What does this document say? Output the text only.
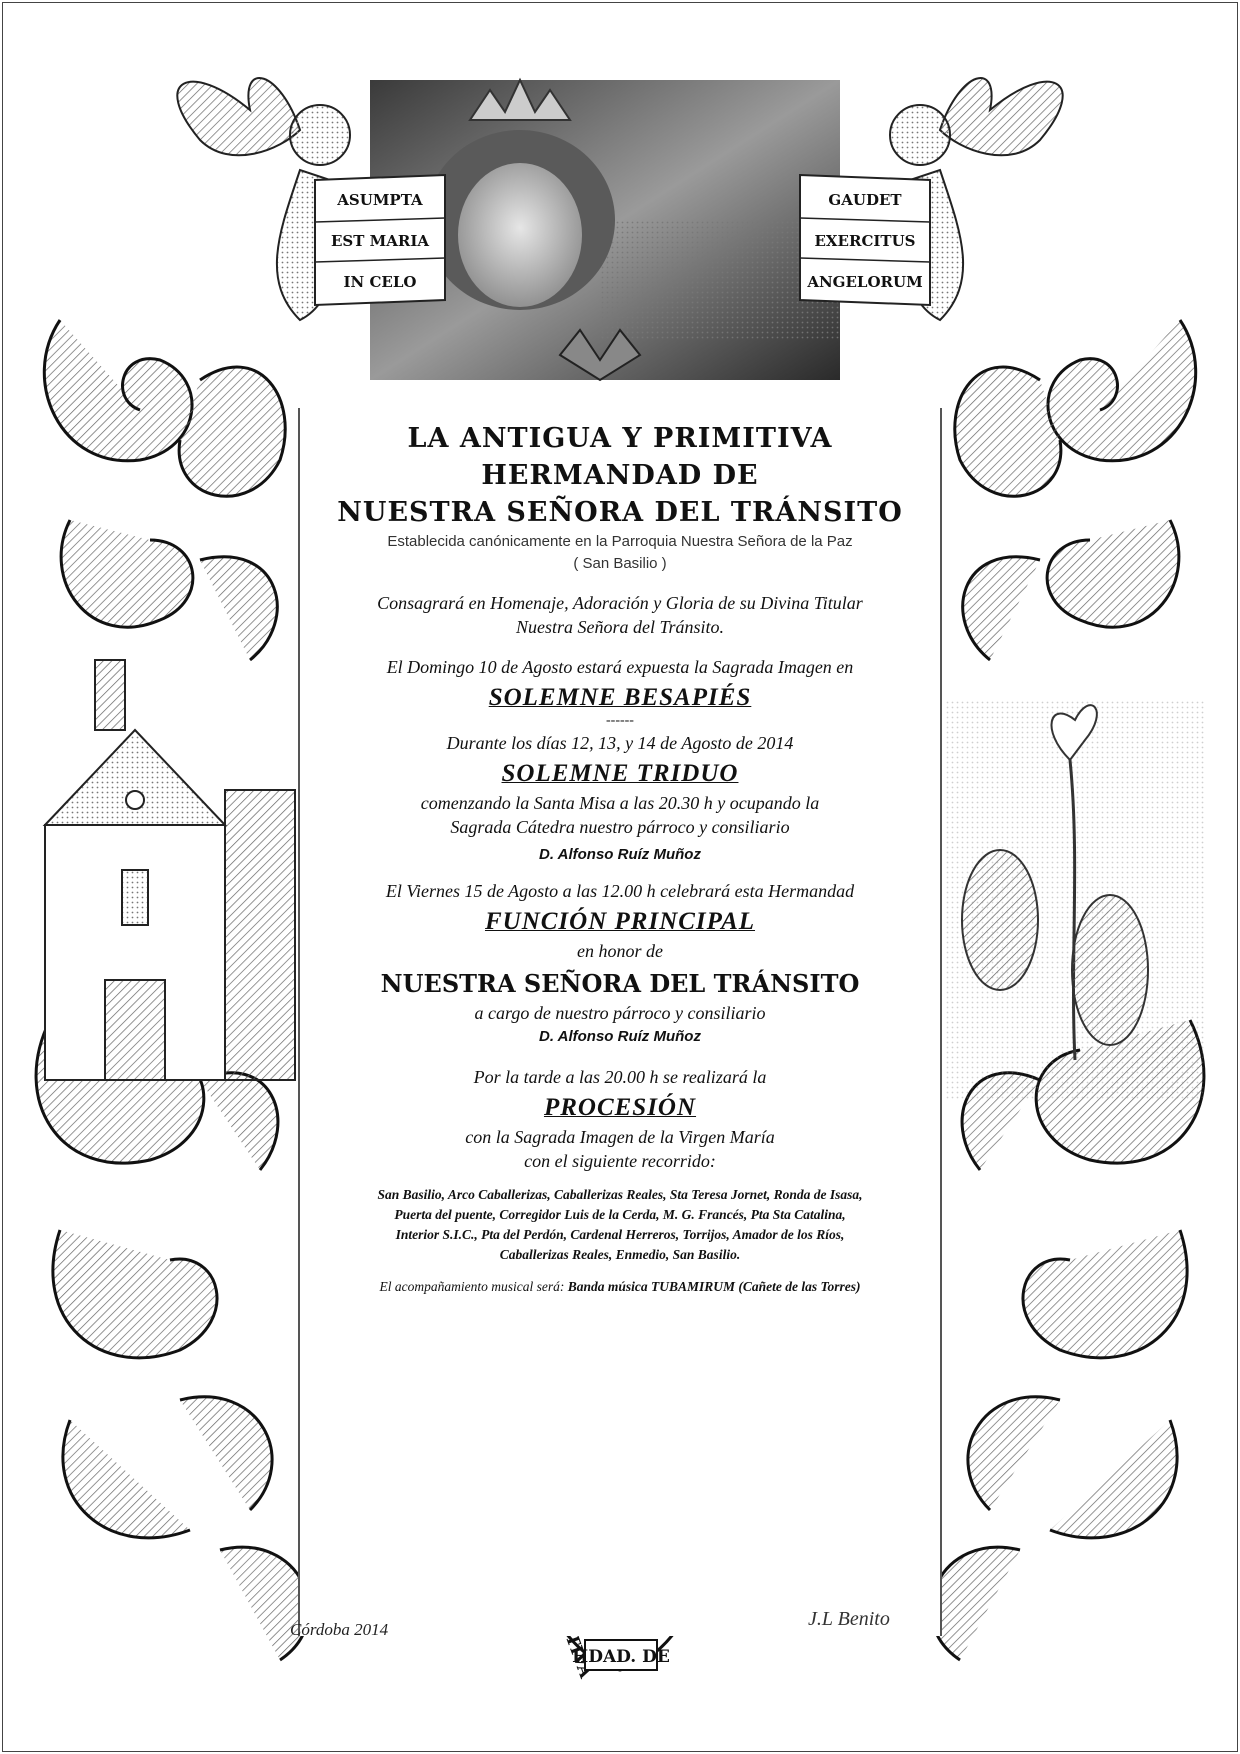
ASUMPTA
EST MARIA
IN CELO
GAUDET
EXERCITUS
ANGELORUM
HDAD. DE

LA ANTIGUA Y PRIMITIVA HERMANDAD DE

NUESTRA SEÑORA DEL TRÁNSITO

Establecida canónicamente en la Parroquia Nuestra Señora de la Paz

( San Basilio )

Consagrará en Homenaje, Adoración y Gloria de su Divina Titular

Nuestra Señora del Tránsito.

El Domingo 10 de Agosto estará expuesta la Sagrada Imagen en

SOLEMNE BESAPIÉS

------

Durante los días 12, 13, y 14 de Agosto de 2014

SOLEMNE TRIDUO

comenzando la Santa Misa a las 20.30 h y ocupando la

Sagrada Cátedra nuestro párroco y consiliario

D. Alfonso Ruíz Muñoz

El Viernes 15 de Agosto a las 12.00 h celebrará esta Hermandad

FUNCIÓN PRINCIPAL

en honor de

NUESTRA SEÑORA DEL TRÁNSITO

a cargo de nuestro párroco y consiliario

D. Alfonso Ruíz Muñoz

Por la tarde a las 20.00 h se realizará la

PROCESIÓN

con la Sagrada Imagen de la Virgen María

con el siguiente recorrido:

San Basilio, Arco Caballerizas, Caballerizas Reales, Sta Teresa Jornet, Ronda de Isasa,

Puerta del puente, Corregidor Luis de la Cerda, M. G. Francés, Pta Sta Catalina,

Interior S.I.C., Pta del Perdón, Cardenal Herreros, Torrijos, Amador de los Ríos,

Caballerizas Reales, Enmedio, San Basilio.

El acompañamiento musical será: Banda música TUBAMIRUM (Cañete de las Torres)

Córdoba 2014	J.L Benito
